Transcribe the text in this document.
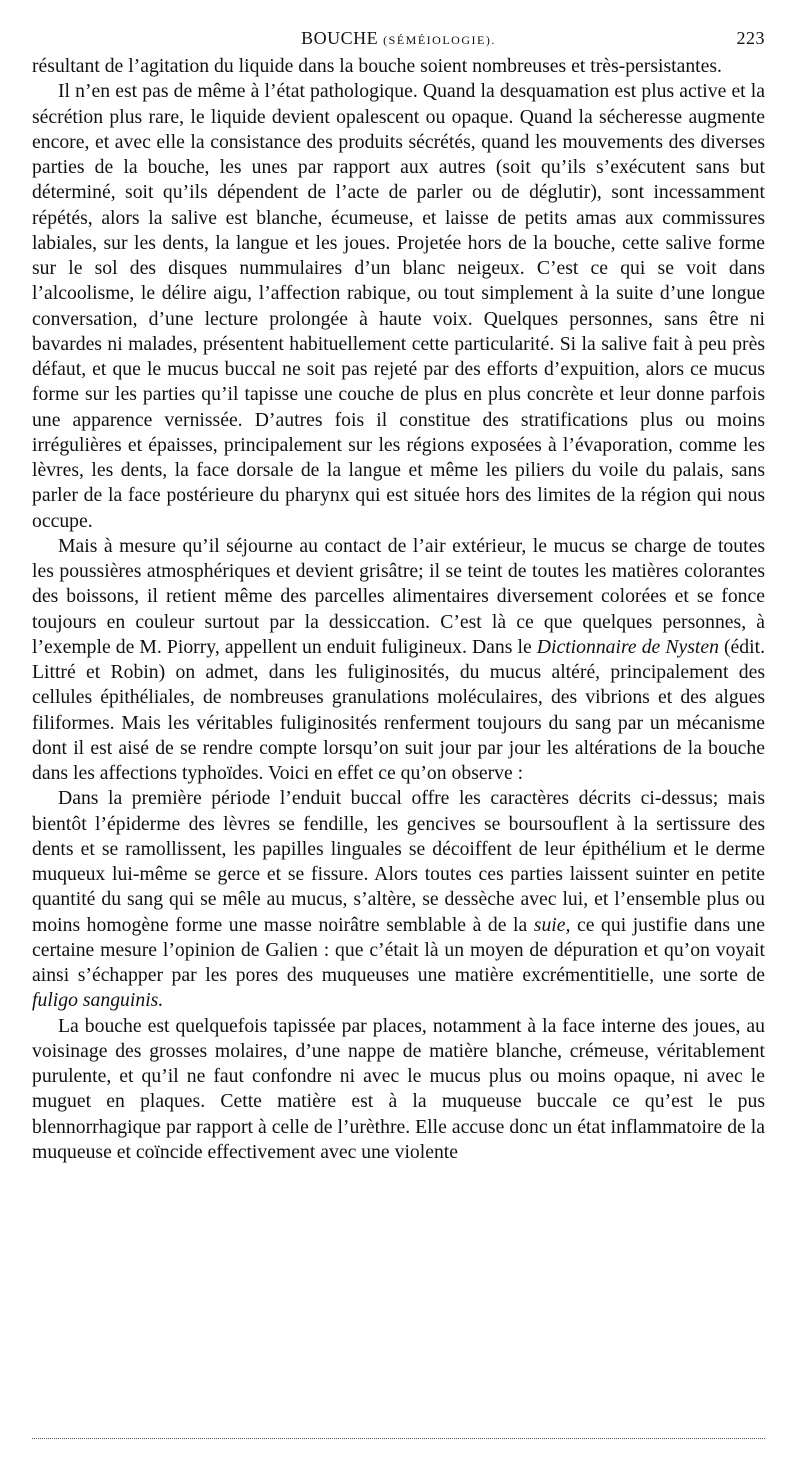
BOUCHE (SÉMÉIOLOGIE).	223

résultant de l’agitation du liquide dans la bouche soient nombreuses et très-persistantes.

Il n’en est pas de même à l’état pathologique. Quand la desquamation est plus active et la sécrétion plus rare, le liquide devient opalescent ou opaque. Quand la sécheresse augmente encore, et avec elle la consistance des produits sécrétés, quand les mouvements des diverses parties de la bouche, les unes par rapport aux autres (soit qu’ils s’exécutent sans but déterminé, soit qu’ils dépendent de l’acte de parler ou de déglutir), sont incessamment répétés, alors la salive est blanche, écumeuse, et laisse de petits amas aux commissures labiales, sur les dents, la langue et les joues. Projetée hors de la bouche, cette salive forme sur le sol des disques nummulaires d’un blanc neigeux. C’est ce qui se voit dans l’alcoolisme, le délire aigu, l’affection rabique, ou tout simplement à la suite d’une longue conversation, d’une lecture prolongée à haute voix. Quelques personnes, sans être ni bavardes ni malades, présentent habituellement cette particularité. Si la salive fait à peu près défaut, et que le mucus buccal ne soit pas rejeté par des efforts d’expuition, alors ce mucus forme sur les parties qu’il tapisse une couche de plus en plus concrète et leur donne parfois une apparence vernissée. D’autres fois il constitue des stratifications plus ou moins irrégulières et épaisses, principalement sur les régions exposées à l’évaporation, comme les lèvres, les dents, la face dorsale de la langue et même les piliers du voile du palais, sans parler de la face postérieure du pharynx qui est située hors des limites de la région qui nous occupe.

Mais à mesure qu’il séjourne au contact de l’air extérieur, le mucus se charge de toutes les poussières atmosphériques et devient grisâtre; il se teint de toutes les matières colorantes des boissons, il retient même des parcelles alimentaires diversement colorées et se fonce toujours en couleur surtout par la dessiccation. C’est là ce que quelques personnes, à l’exemple de M. Piorry, appellent un enduit fuligineux. Dans le Dictionnaire de Nysten (édit. Littré et Robin) on admet, dans les fuliginosités, du mucus altéré, principalement des cellules épithéliales, de nombreuses granulations moléculaires, des vibrions et des algues filiformes. Mais les véritables fuliginosités renferment toujours du sang par un mécanisme dont il est aisé de se rendre compte lorsqu’on suit jour par jour les altérations de la bouche dans les affections typhoïdes. Voici en effet ce qu’on observe :

Dans la première période l’enduit buccal offre les caractères décrits ci-dessus; mais bientôt l’épiderme des lèvres se fendille, les gencives se boursouflent à la sertissure des dents et se ramollissent, les papilles linguales se décoiffent de leur épithélium et le derme muqueux lui-même se gerce et se fissure. Alors toutes ces parties laissent suinter en petite quantité du sang qui se mêle au mucus, s’altère, se dessèche avec lui, et l’ensemble plus ou moins homogène forme une masse noirâtre semblable à de la suie, ce qui justifie dans une certaine mesure l’opinion de Galien : que c’était là un moyen de dépuration et qu’on voyait ainsi s’échapper par les pores des muqueuses une matière excrémentitielle, une sorte de fuligo sanguinis.

La bouche est quelquefois tapissée par places, notamment à la face interne des joues, au voisinage des grosses molaires, d’une nappe de matière blanche, crémeuse, véritablement purulente, et qu’il ne faut confondre ni avec le mucus plus ou moins opaque, ni avec le muguet en plaques. Cette matière est à la muqueuse buccale ce qu’est le pus blennorrhagique par rapport à celle de l’urèthre. Elle accuse donc un état inflammatoire de la muqueuse et coïncide effectivement avec une violente
